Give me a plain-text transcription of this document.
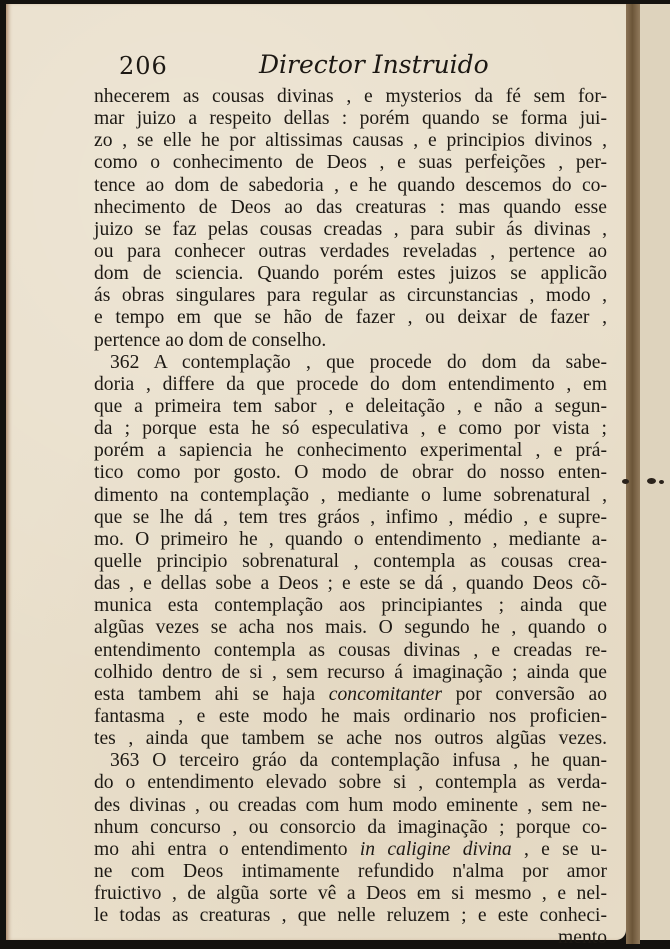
206	Director Instruido
nhecerem as cousas divinas , e mysterios da fé sem for-
mar juizo a respeito dellas : porém quando se forma jui-
zo , se elle he por altissimas causas , e principios divinos ,
como o conhecimento de Deos , e suas perfeições , per-
tence ao dom de sabedoria , e he quando descemos do co-
nhecimento de Deos ao das creaturas : mas quando esse
juizo se faz pelas cousas creadas , para subir ás divinas ,
ou para conhecer outras verdades reveladas , pertence ao
dom de sciencia. Quando porém estes juizos se applicão
ás obras singulares para regular as circunstancias , modo ,
e tempo em que se hão de fazer , ou deixar de fazer ,
pertence ao dom de conselho.
362 A contemplação , que procede do dom da sabe-
doria , differe da que procede do dom entendimento , em
que a primeira tem sabor , e deleitação , e não a segun-
da ; porque esta he só especulativa , e como por vista ;
porém a sapiencia he conhecimento experimental , e prá-
tico como por gosto. O modo de obrar do nosso enten-
dimento na contemplação , mediante o lume sobrenatural ,
que se lhe dá , tem tres gráos , infimo , médio , e supre-
mo. O primeiro he , quando o entendimento , mediante a-
quelle principio sobrenatural , contempla as cousas crea-
das , e dellas sobe a Deos ; e este se dá , quando Deos cõ-
munica esta contemplação aos principiantes ; ainda que
algũas vezes se acha nos mais. O segundo he , quando o
entendimento contempla as cousas divinas , e creadas re-
colhido dentro de si , sem recurso á imaginação ; ainda que
esta tambem ahi se haja concomitanter por conversão ao
fantasma , e este modo he mais ordinario nos proficien-
tes , ainda que tambem se ache nos outros algũas vezes.
363 O terceiro gráo da contemplação infusa , he quan-
do o entendimento elevado sobre si , contempla as verda-
des divinas , ou creadas com hum modo eminente , sem ne-
nhum concurso , ou consorcio da imaginação ; porque co-
mo ahi entra o entendimento in caligine divina , e se u-
ne com Deos intimamente refundido n'alma por amor
fruictivo , de algũa sorte vê a Deos em si mesmo , e nel-
le todas as creaturas , que nelle reluzem ; e este conheci-
mento
